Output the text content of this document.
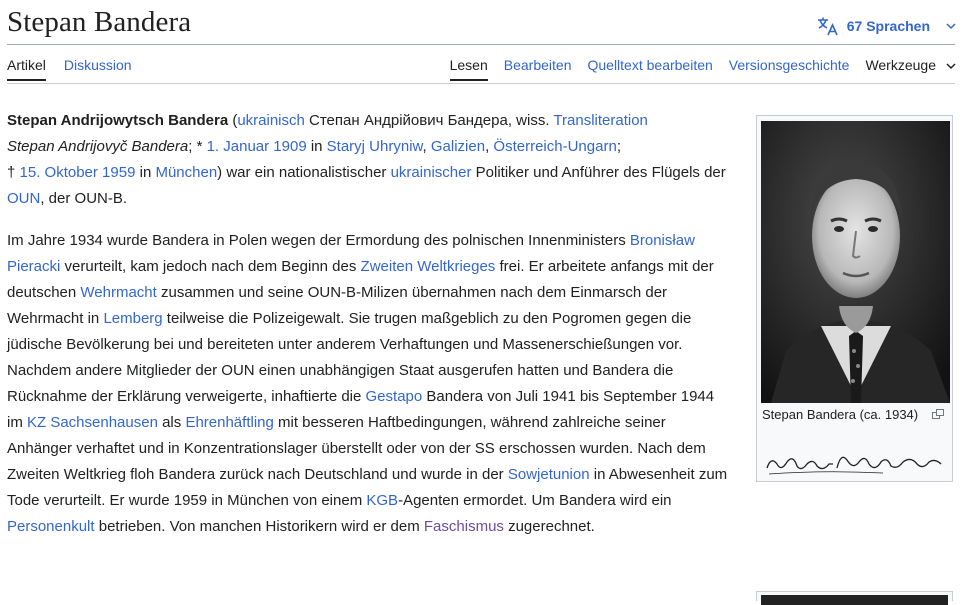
Stepan Bandera	67 Sprachen
Artikel Diskussion	Lesen Bearbeiten Quelltext bearbeiten Versionsgeschichte Werkzeuge

Stepan Andrijowytsch Bandera (ukrainisch Степан Андрійович Бандера, wiss. Transliteration
Stepan Andrijovyč Bandera; * 1. Januar 1909 in Staryj Uhryniw, Galizien, Österreich-Ungarn;
† 15. Oktober 1959 in München) war ein nationalistischer ukrainischer Politiker und Anführer des Flügels der OUN, der OUN-B.

Im Jahre 1934 wurde Bandera in Polen wegen der Ermordung des polnischen Innenministers Bronisław Pieracki verurteilt, kam jedoch nach dem Beginn des Zweiten Weltkrieges frei. Er arbeitete anfangs mit der deutschen Wehrmacht zusammen und seine OUN-B-Milizen übernahmen nach dem Einmarsch der Wehrmacht in Lemberg teilweise die Polizeigewalt. Sie trugen maßgeblich zu den Pogromen gegen die jüdische Bevölkerung bei und bereiteten unter anderem Verhaftungen und Massenerschießungen vor. Nachdem andere Mitglieder der OUN einen unabhängigen Staat ausgerufen hatten und Bandera die Rücknahme der Erklärung verweigerte, inhaftierte die Gestapo Bandera von Juli 1941 bis September 1944 im KZ Sachsenhausen als Ehrenhäftling mit besseren Haftbedingungen, während zahlreiche seiner Anhänger verhaftet und in Konzentrationslager überstellt oder von der SS erschossen wurden. Nach dem Zweiten Weltkrieg floh Bandera zurück nach Deutschland und wurde in der Sowjetunion in Abwesenheit zum Tode verurteilt. Er wurde 1959 in München von einem KGB-Agenten ermordet. Um Bandera wird ein Personenkult betrieben. Von manchen Historikern wird er dem Faschismus zugerechnet.

Stepan Bandera (ca. 1934)
